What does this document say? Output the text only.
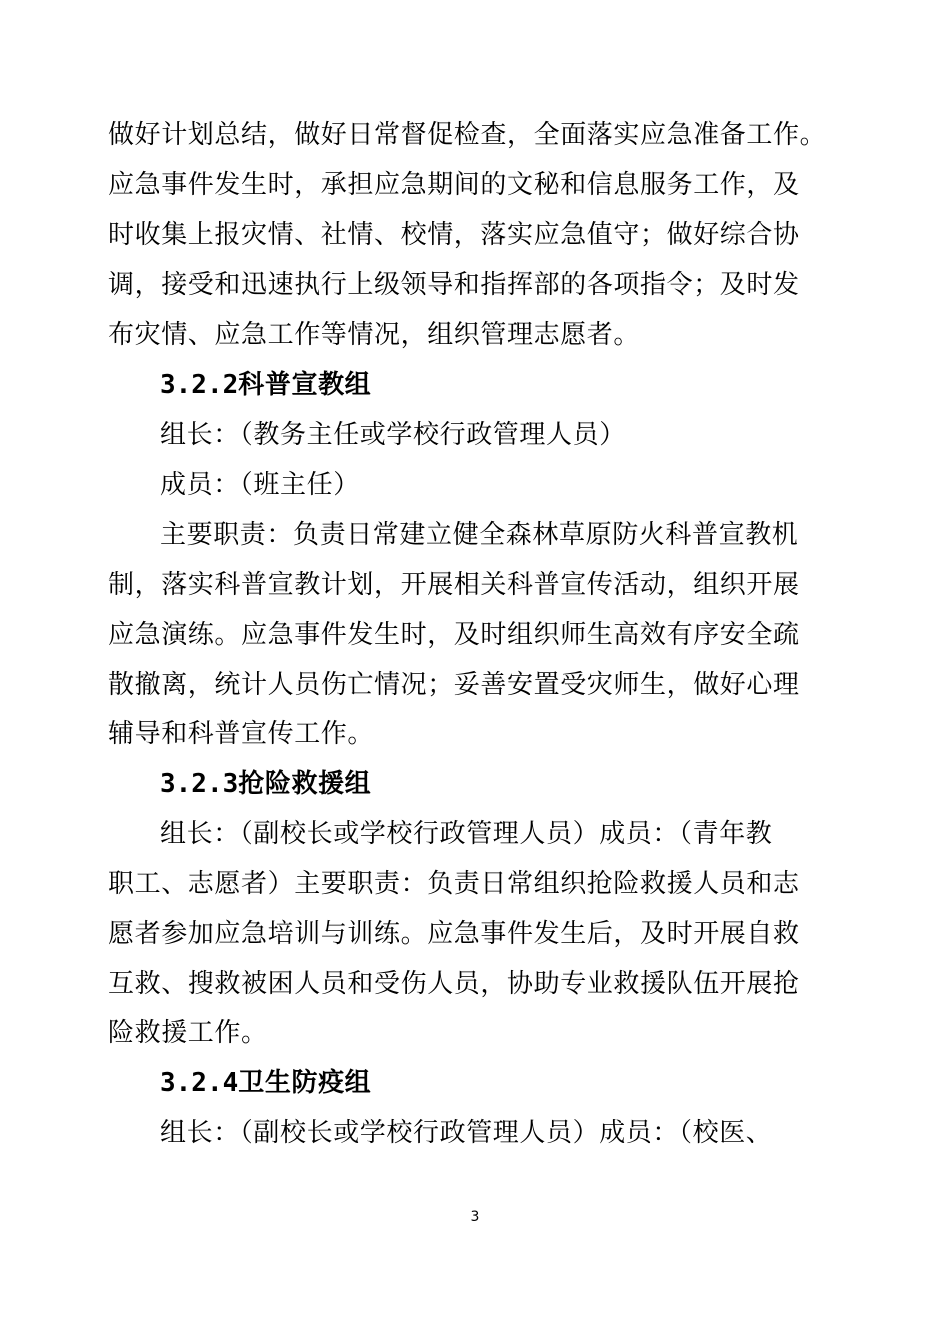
做好计划总结，做好日常督促检查，全面落实应急准备工作。
应急事件发生时，承担应急期间的文秘和信息服务工作，及
时收集上报灾情、社情、校情，落实应急值守；做好综合协
调，接受和迅速执行上级领导和指挥部的各项指令；及时发
布灾情、应急工作等情况，组织管理志愿者。
3.2.2科普宣教组
组长：（教务主任或学校行政管理人员）
成员：（班主任）
主要职责：负责日常建立健全森林草原防火科普宣教机
制，落实科普宣教计划，开展相关科普宣传活动，组织开展
应急演练。应急事件发生时，及时组织师生高效有序安全疏
散撤离，统计人员伤亡情况；妥善安置受灾师生，做好心理
辅导和科普宣传工作。
3.2.3抢险救援组
组长：（副校长或学校行政管理人员）成员：（青年教
职工、志愿者）主要职责：负责日常组织抢险救援人员和志
愿者参加应急培训与训练。应急事件发生后，及时开展自救
互救、搜救被困人员和受伤人员，协助专业救援队伍开展抢
险救援工作。
3.2.4卫生防疫组
组长：（副校长或学校行政管理人员）成员：（校医、
3
